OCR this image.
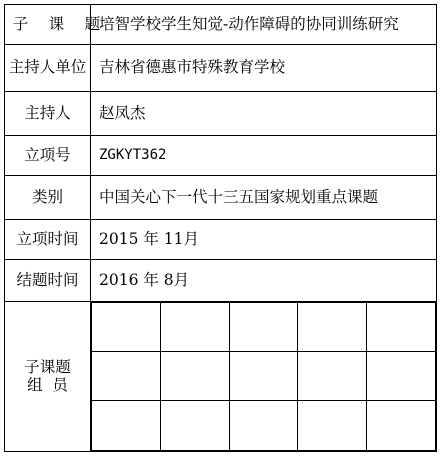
子 课 题	培智学校学生知觉-动作障碍的协同训练研究
主持人单位	吉林省德惠市特殊教育学校
主持人	赵凤杰
立项号	ZGKYT362
类别	中国关心下一代十三五国家规划重点课题
立项时间	2015 年 11月
结题时间	2016 年 8月

子课题
组  员
